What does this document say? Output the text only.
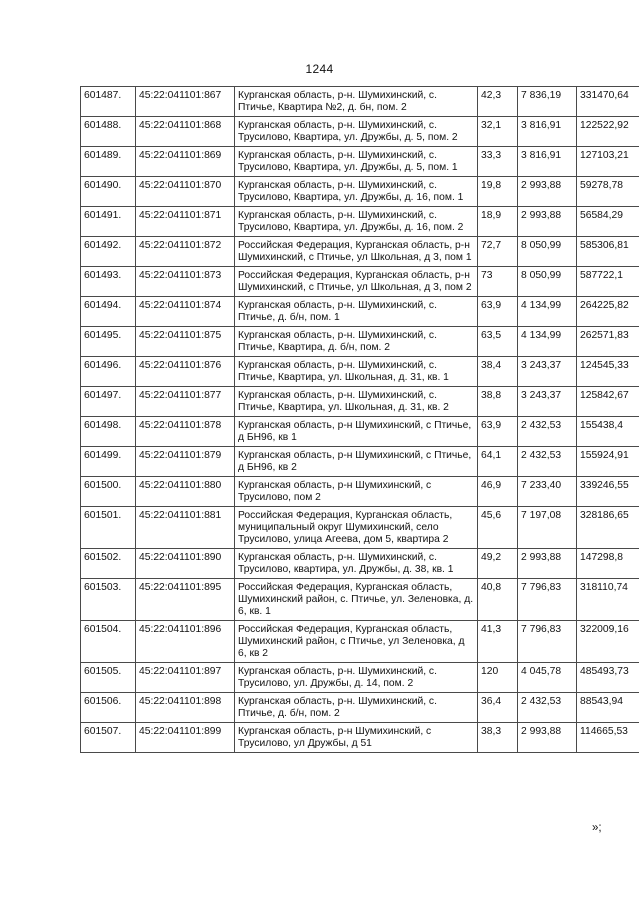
1244
601487.	45:22:041101:867	Курганская область, р-н. Шумихинский, с. Птичье, Квартира №2, д. бн, пом. 2	42,3	7 836,19	331470,64
601488.	45:22:041101:868	Курганская область, р-н. Шумихинский, с. Трусилово, Квартира, ул. Дружбы, д. 5, пом. 2	32,1	3 816,91	122522,92
601489.	45:22:041101:869	Курганская область, р-н. Шумихинский, с. Трусилово, Квартира, ул. Дружбы, д. 5, пом. 1	33,3	3 816,91	127103,21
601490.	45:22:041101:870	Курганская область, р-н. Шумихинский, с. Трусилово, Квартира, ул. Дружбы, д. 16, пом. 1	19,8	2 993,88	59278,78
601491.	45:22:041101:871	Курганская область, р-н. Шумихинский, с. Трусилово, Квартира, ул. Дружбы, д. 16, пом. 2	18,9	2 993,88	56584,29
601492.	45:22:041101:872	Российская Федерация, Курганская область, р-н Шумихинский, с Птичье, ул Школьная, д 3, пом 1	72,7	8 050,99	585306,81
601493.	45:22:041101:873	Российская Федерация, Курганская область, р-н Шумихинский, с Птичье, ул Школьная, д 3, пом 2	73	8 050,99	587722,1
601494.	45:22:041101:874	Курганская область, р-н. Шумихинский, с. Птичье, д. б/н, пом. 1	63,9	4 134,99	264225,82
601495.	45:22:041101:875	Курганская область, р-н. Шумихинский, с. Птичье, Квартира, д. б/н, пом. 2	63,5	4 134,99	262571,83
601496.	45:22:041101:876	Курганская область, р-н. Шумихинский, с. Птичье, Квартира, ул. Школьная, д. 31, кв. 1	38,4	3 243,37	124545,33
601497.	45:22:041101:877	Курганская область, р-н. Шумихинский, с. Птичье, Квартира, ул. Школьная, д. 31, кв. 2	38,8	3 243,37	125842,67
601498.	45:22:041101:878	Курганская область, р-н Шумихинский, с Птичье, д БН96, кв 1	63,9	2 432,53	155438,4
601499.	45:22:041101:879	Курганская область, р-н Шумихинский, с Птичье, д БН96, кв 2	64,1	2 432,53	155924,91
601500.	45:22:041101:880	Курганская область, р-н Шумихинский, с Трусилово, пом 2	46,9	7 233,40	339246,55
601501.	45:22:041101:881	Российская Федерация, Курганская область, муниципальный округ Шумихинский, село Трусилово, улица Агеева, дом 5, квартира 2	45,6	7 197,08	328186,65
601502.	45:22:041101:890	Курганская область, р-н. Шумихинский, с. Трусилово, квартира, ул. Дружбы, д. 38, кв. 1	49,2	2 993,88	147298,8
601503.	45:22:041101:895	Российская Федерация, Курганская область, Шумихинский район, с. Птичье, ул. Зеленовка, д. 6, кв. 1	40,8	7 796,83	318110,74
601504.	45:22:041101:896	Российская Федерация, Курганская область, Шумихинский район, с Птичье, ул Зеленовка, д 6, кв 2	41,3	7 796,83	322009,16
601505.	45:22:041101:897	Курганская область, р-н. Шумихинский, с. Трусилово, ул. Дружбы, д. 14, пом. 2	120	4 045,78	485493,73
601506.	45:22:041101:898	Курганская область, р-н. Шумихинский, с. Птичье, д. б/н, пом. 2	36,4	2 432,53	88543,94
601507.	45:22:041101:899	Курганская область, р-н Шумихинский, с Трусилово, ул Дружбы, д 51	38,3	2 993,88	114665,53
»;
